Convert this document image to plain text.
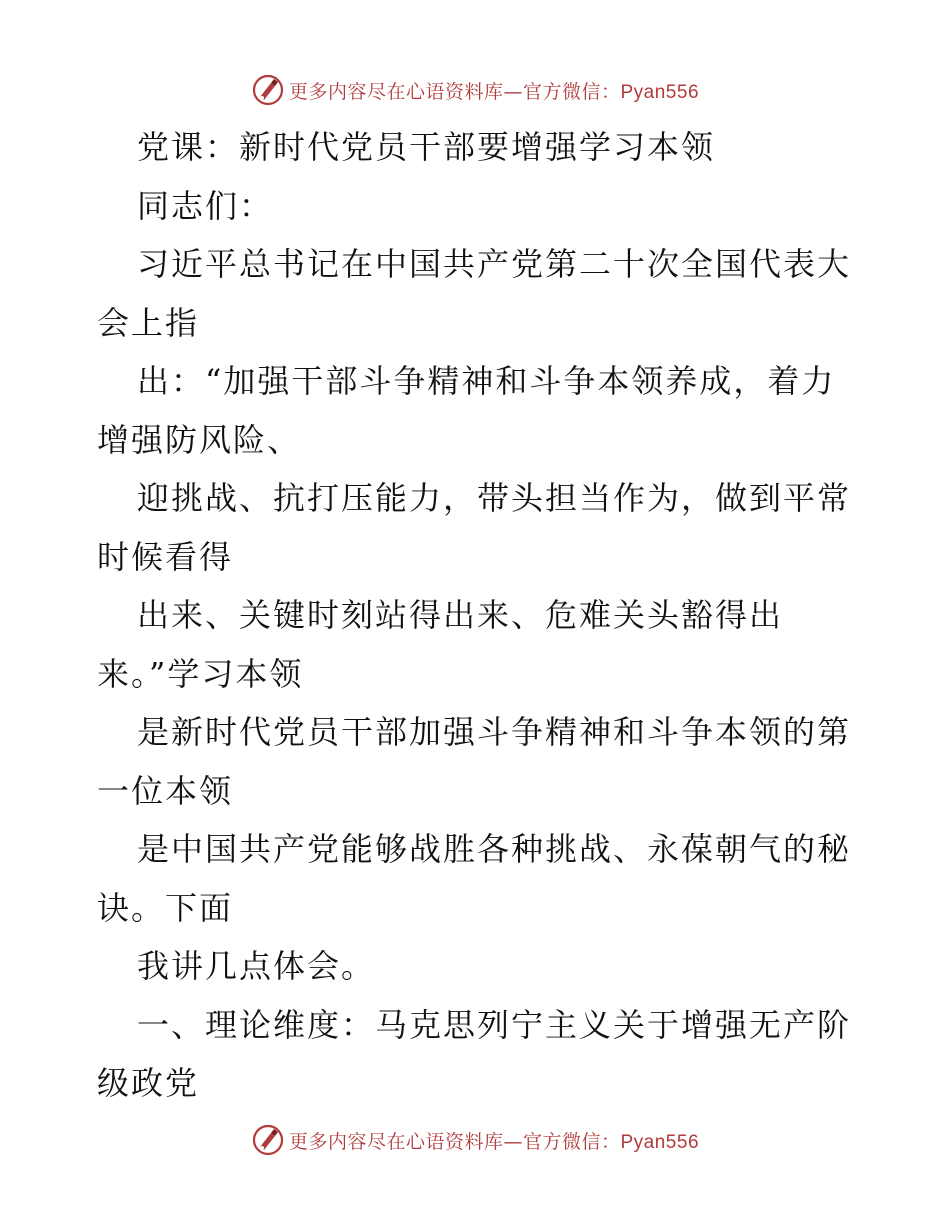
更多内容尽在心语资料库—官方微信：Pyan556
党课：新时代党员干部要增强学习本领
同志们：
习近平总书记在中国共产党第二十次全国代表大
会上指
出：“加强干部斗争精神和斗争本领养成，着力
增强防风险、
迎挑战、抗打压能力，带头担当作为，做到平常
时候看得
出来、关键时刻站得出来、危难关头豁得出
来。”学习本领
是新时代党员干部加强斗争精神和斗争本领的第
一位本领
是中国共产党能够战胜各种挑战、永葆朝气的秘
诀。下面
我讲几点体会。
一、理论维度：马克思列宁主义关于增强无产阶
级政党
更多内容尽在心语资料库—官方微信：Pyan556
